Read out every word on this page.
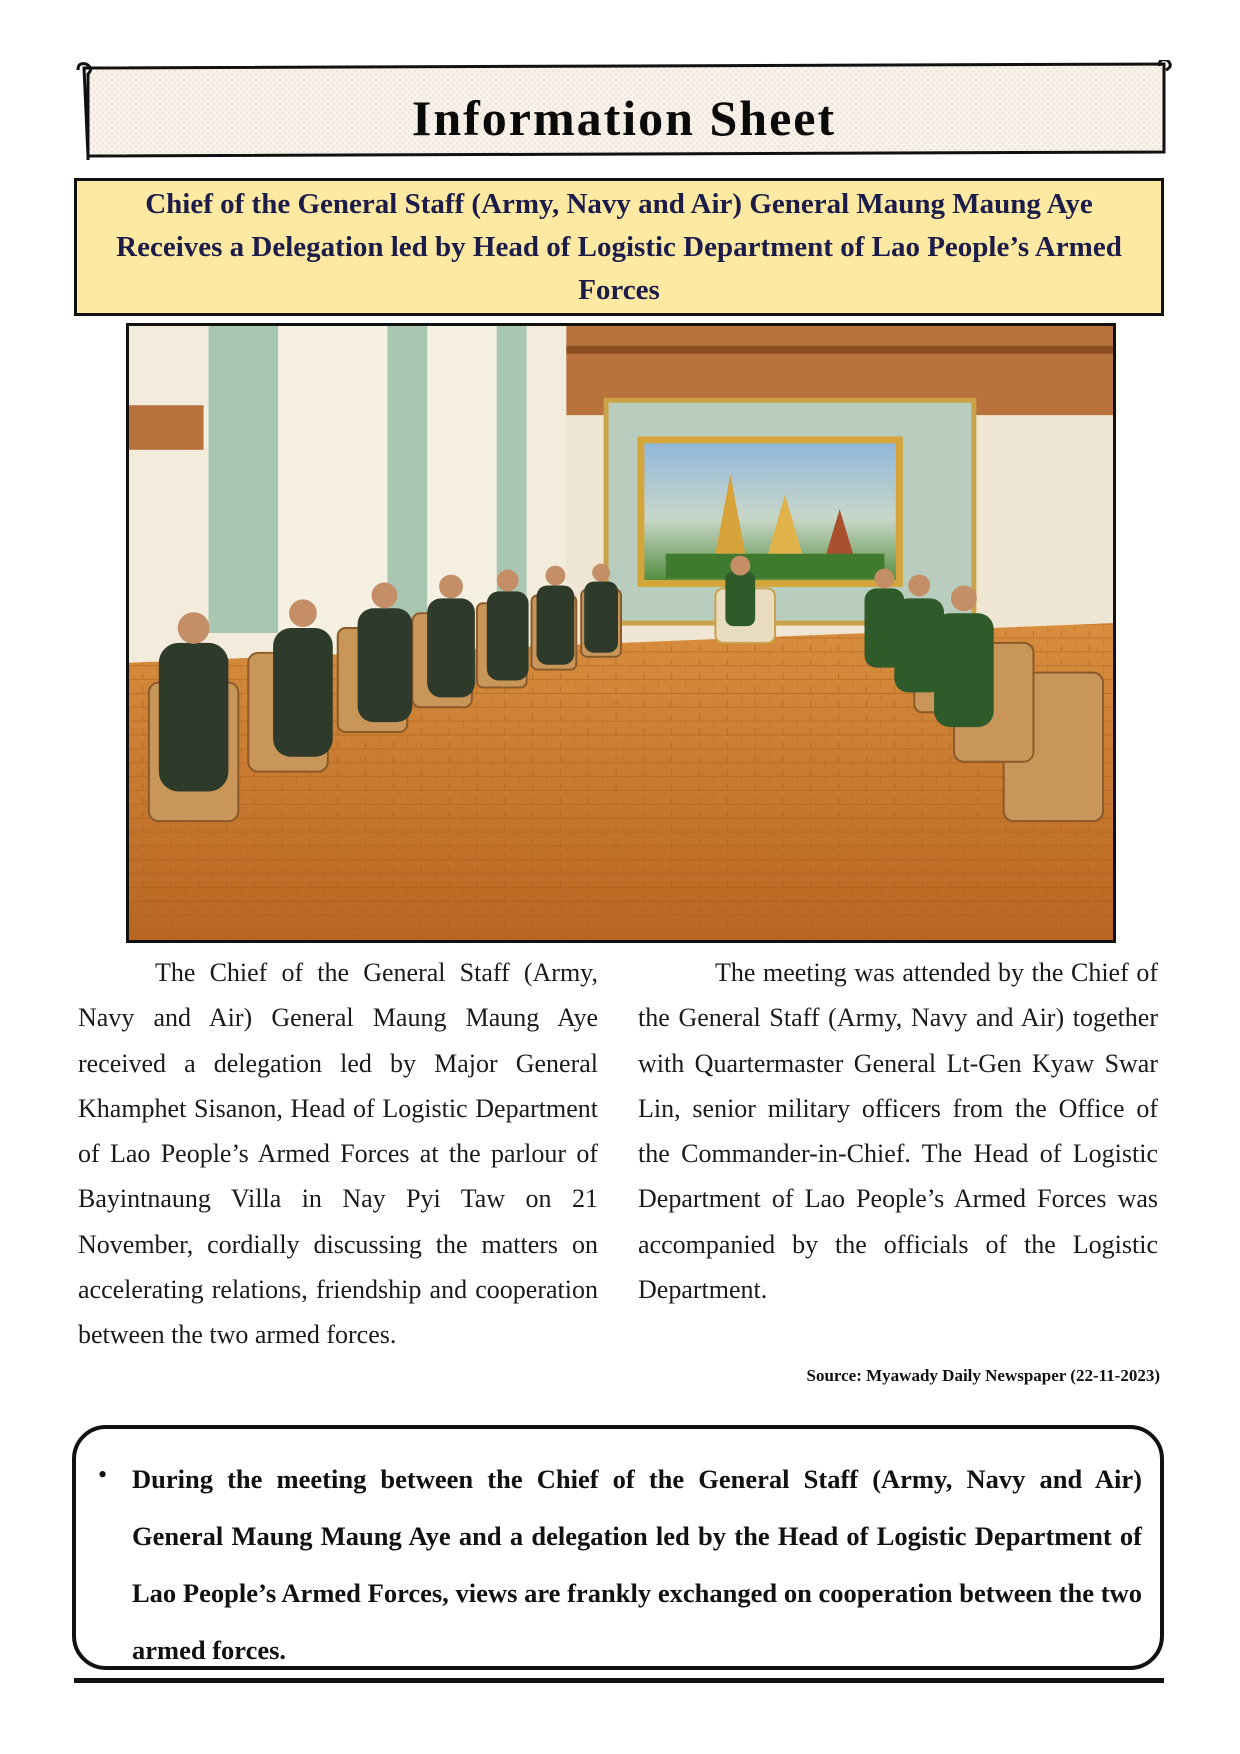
Information Sheet

Chief of the General Staff (Army, Navy and Air) General Maung Maung Aye Receives a Delegation led by Head of Logistic Department of Lao People’s Armed Forces

The Chief of the General Staff (Army, Navy and Air) General Maung Maung Aye received a delegation led by Major General Khamphet Sisanon, Head of Logistic Department of Lao People’s Armed Forces at the parlour of Bayintnaung Villa in Nay Pyi Taw on 21 November, cordially discussing the matters on accelerating relations, friendship and cooperation between the two armed forces.

The meeting was attended by the Chief of the General Staff (Army, Navy and Air) together with Quartermaster General Lt-Gen Kyaw Swar Lin, senior military officers from the Office of the Commander-in-Chief. The Head of Logistic Department of Lao People’s Armed Forces was accompanied by the officials of the Logistic Department.

Source: Myawady Daily Newspaper (22-11-2023)
• During the meeting between the Chief of the General Staff (Army, Navy and Air) General Maung Maung Aye and a delegation led by the Head of Logistic Department of Lao People’s Armed Forces, views are frankly exchanged on cooperation between the two armed forces.
